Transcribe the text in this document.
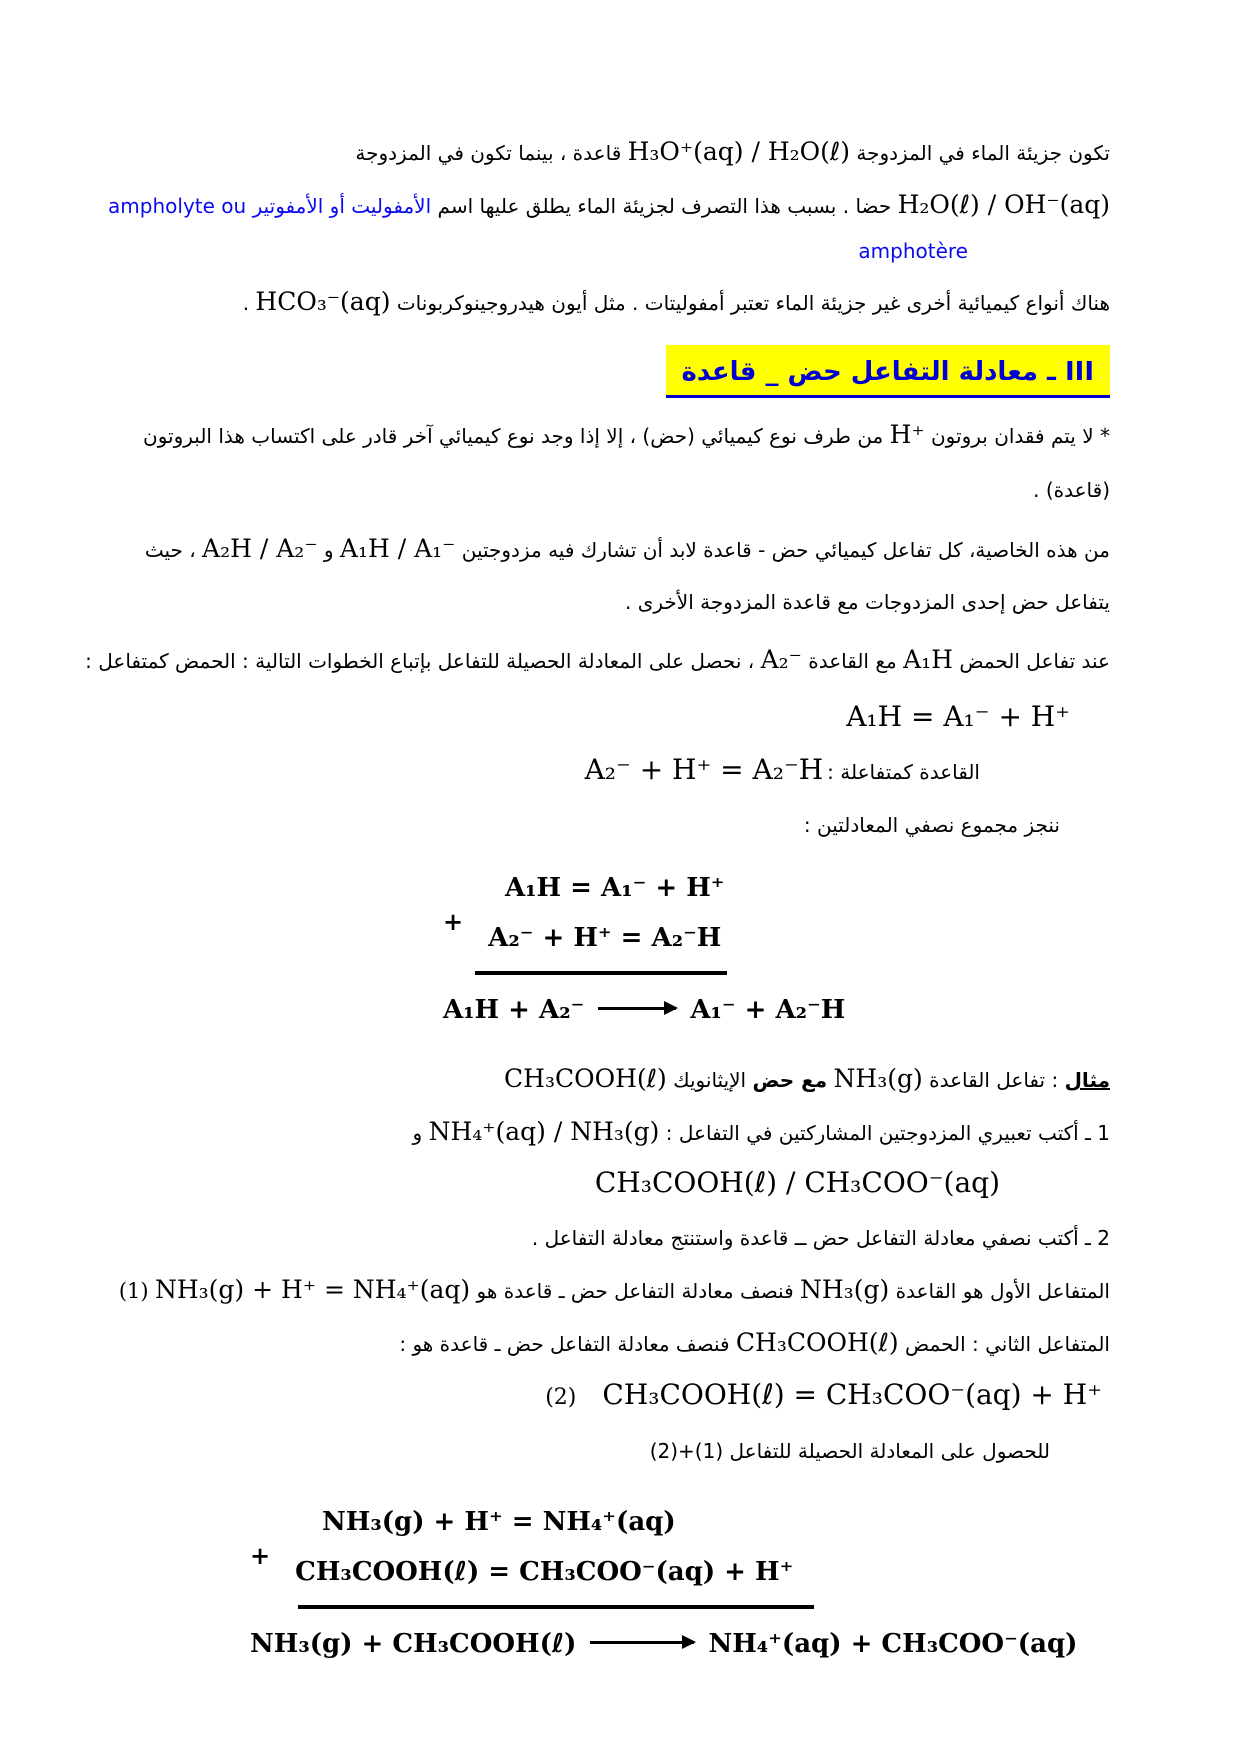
تكون جزيئة الماء في المزدوجة H₃O⁺(aq) / H₂O(ℓ) قاعدة ، بينما تكون في المزدوجة
H₂O(ℓ) / OH⁻(aq) حضا . بسبب هذا التصرف لجزيئة الماء يطلق عليها اسم الأمفوليت أو الأمفوتير ampholyte ou
amphotère
هناك أنواع كيميائية أخرى غير جزيئة الماء تعتبر أمفوليتات . مثل أيون هيدروجينوكربونات HCO₃⁻(aq) .
III ـ معادلة التفاعل حض _ قاعدة
* لا يتم فقدان بروتون H⁺ من طرف نوع كيميائي (حض) ، إلا إذا وجد نوع كيميائي آخر قادر على اكتساب هذا البروتون (قاعدة) .
من هذه الخاصية، كل تفاعل كيميائي حض - قاعدة لابد أن تشارك فيه مزدوجتين A₁H / A₁⁻ و A₂H / A₂⁻ ، حيث
يتفاعل حض إحدى المزدوجات مع قاعدة المزدوجة الأخرى .
عند تفاعل الحمض A₁H مع القاعدة A₂⁻ ، نحصل على المعادلة الحصيلة للتفاعل بإتباع الخطوات التالية : الحمض كمتفاعل :
A₁H = A₁⁻ + H⁺
القاعدة كمتفاعلة : A₂⁻ + H⁺ = A₂⁻H
ننجز مجموع نصفي المعادلتين :
A₁H = A₁⁻ + H⁺
+ A₂⁻ + H⁺ = A₂⁻H
A₁H + A₂⁻ → A₁⁻ + A₂⁻H
مثال : تفاعل القاعدة NH₃(g) مع حض الإيثانويك CH₃COOH(ℓ)
1 ـ أكتب تعبيري المزدوجتين المشاركتين في التفاعل : NH₄⁺(aq) / NH₃(g) و
CH₃COOH(ℓ) / CH₃COO⁻(aq)
2 ـ أكتب نصفي معادلة التفاعل حض ــ قاعدة واستنتج معادلة التفاعل .
المتفاعل الأول هو القاعدة NH₃(g) فنصف معادلة التفاعل حض ـ قاعدة هو NH₃(g) + H⁺ = NH₄⁺(aq) (1)
المتفاعل الثاني : الحمض CH₃COOH(ℓ) فنصف معادلة التفاعل حض ـ قاعدة هو :
(2) CH₃COOH(ℓ) = CH₃COO⁻(aq) + H⁺
للحصول على المعادلة الحصيلة للتفاعل (1)+(2)
NH₃(g) + H⁺ = NH₄⁺(aq)
+ CH₃COOH(ℓ) = CH₃COO⁻(aq) + H⁺
NH₃(g) + CH₃COOH(ℓ) → NH₄⁺(aq) + CH₃COO⁻(aq)
